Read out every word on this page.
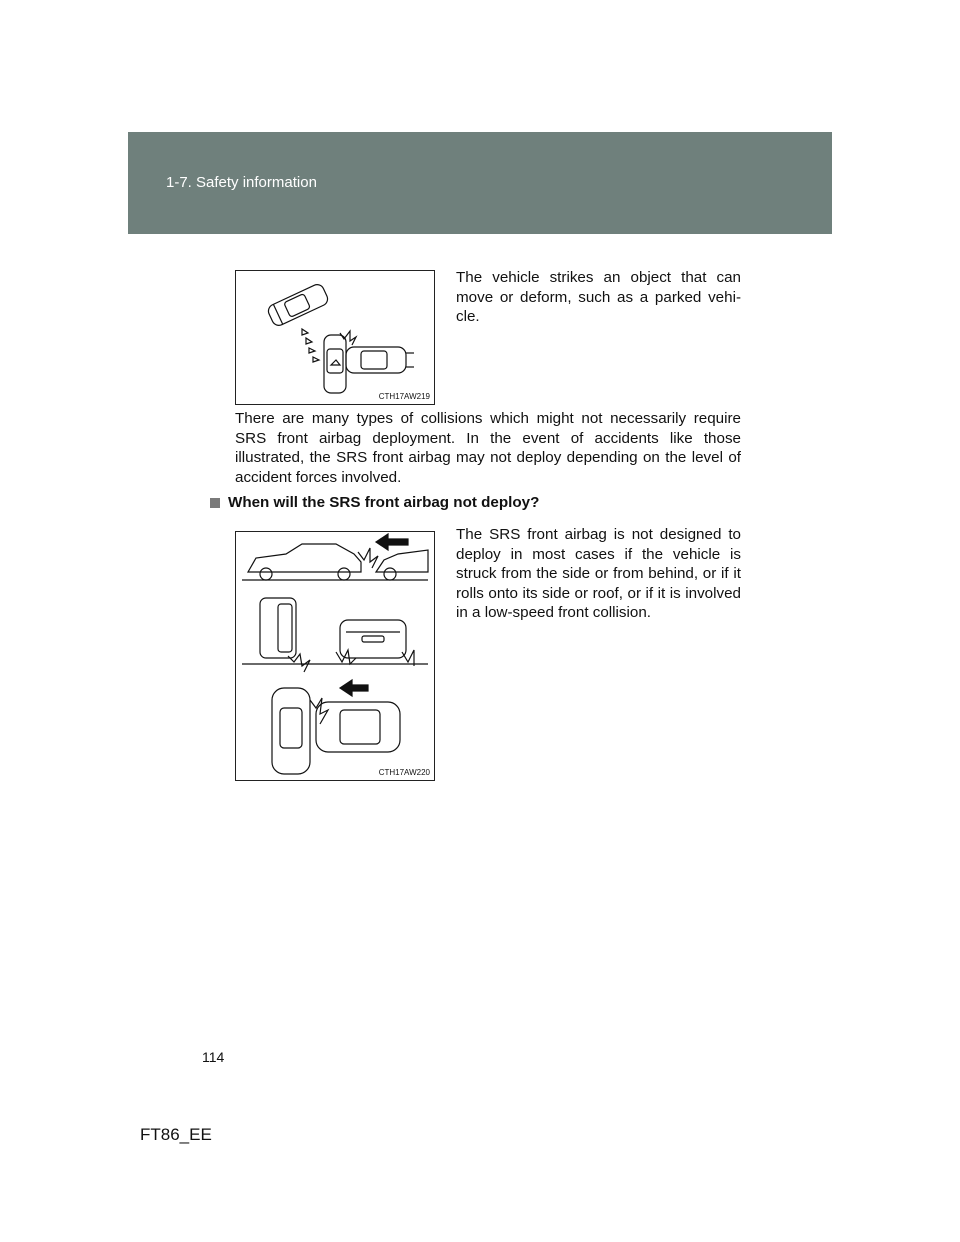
1-7. Safety information
CTH17AW219
The vehicle strikes an object that can move or deform, such as a parked vehi-cle.
There are many types of collisions which might not necessarily require SRS front airbag deployment. In the event of accidents like those illustrated, the SRS front airbag may not deploy depending on the level of accident forces involved.
When will the SRS front airbag not deploy?
CTH17AW220
The SRS front airbag is not designed to deploy in most cases if the vehicle is struck from the side or from behind, or if it rolls onto its side or roof, or if it is involved in a low-speed front collision.
114
FT86_EE
